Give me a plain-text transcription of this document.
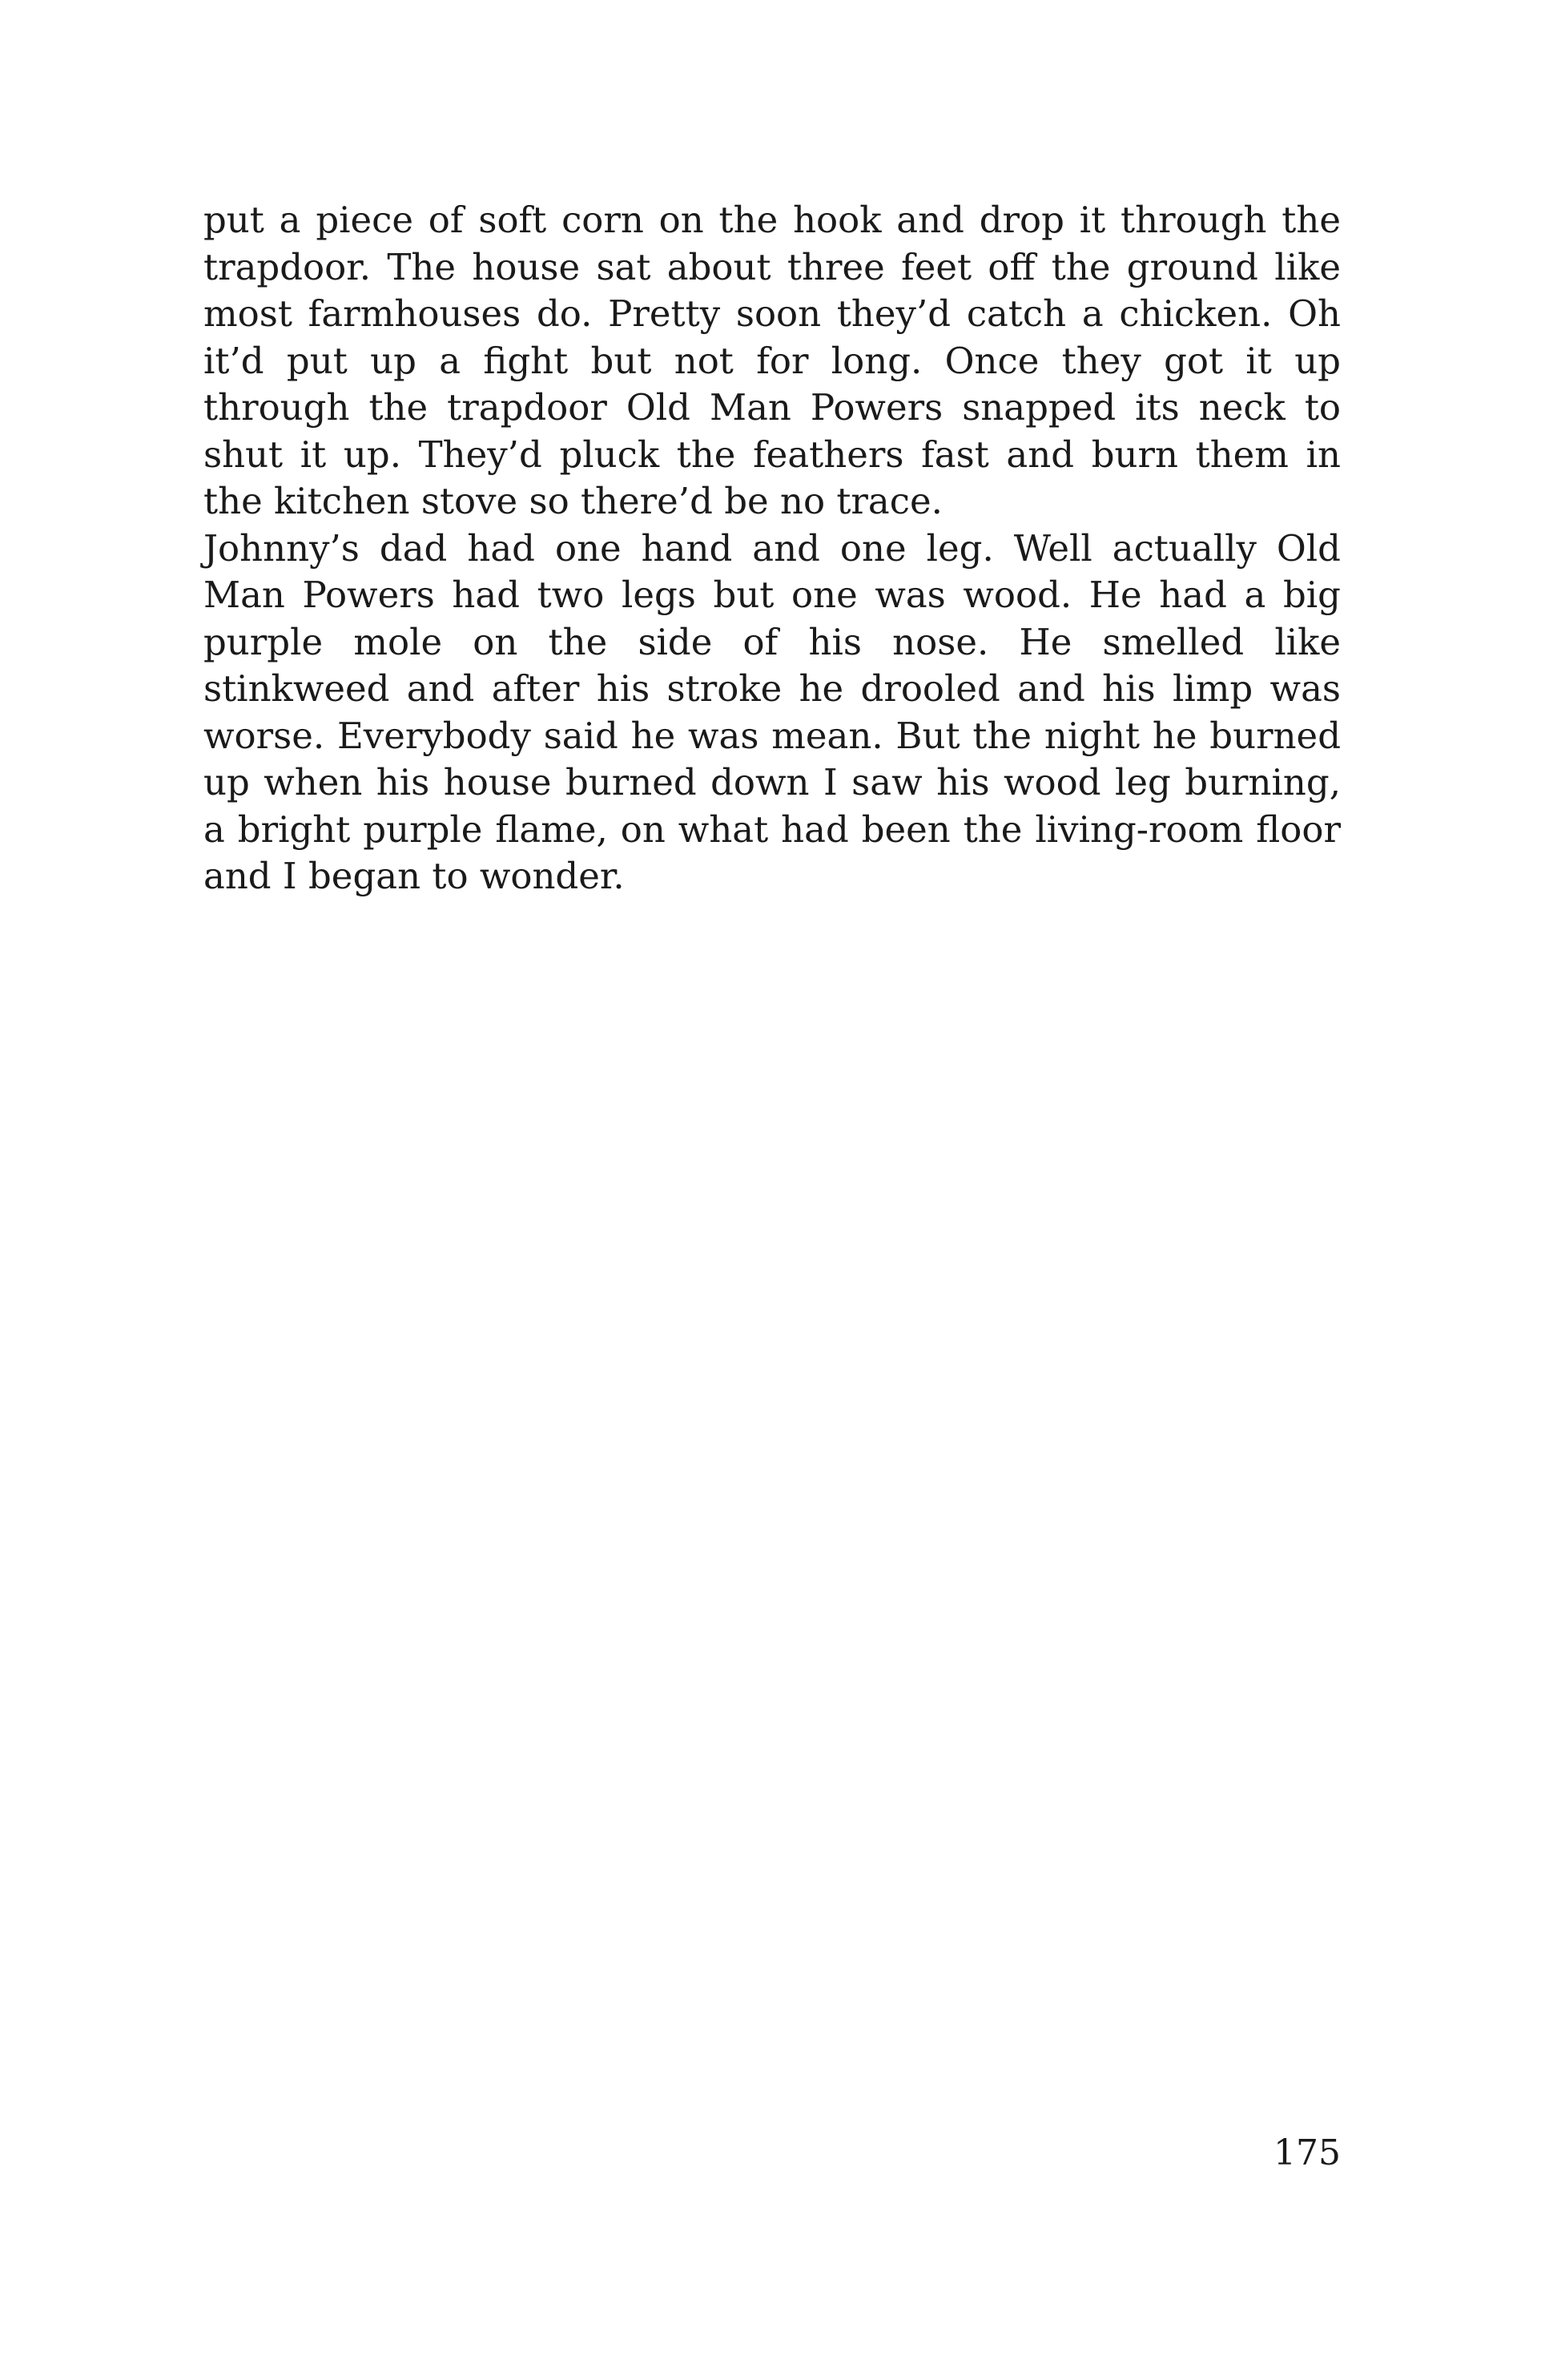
put a piece of soft corn on the hook and drop it through the trapdoor. The house sat about three feet off the ground like most farmhouses do. Pretty soon they’d catch a chicken. Oh it’d put up a fight but not for long. Once they got it up through the trapdoor Old Man Powers snapped its neck to shut it up. They’d pluck the feathers fast and burn them in the kitchen stove so there’d be no trace.

Johnny’s dad had one hand and one leg. Well actually Old Man Powers had two legs but one was wood. He had a big purple mole on the side of his nose. He smelled like stinkweed and after his stroke he drooled and his limp was worse. Everybody said he was mean. But the night he burned up when his house burned down I saw his wood leg burning, a bright purple flame, on what had been the living-room floor and I began to wonder.

175
